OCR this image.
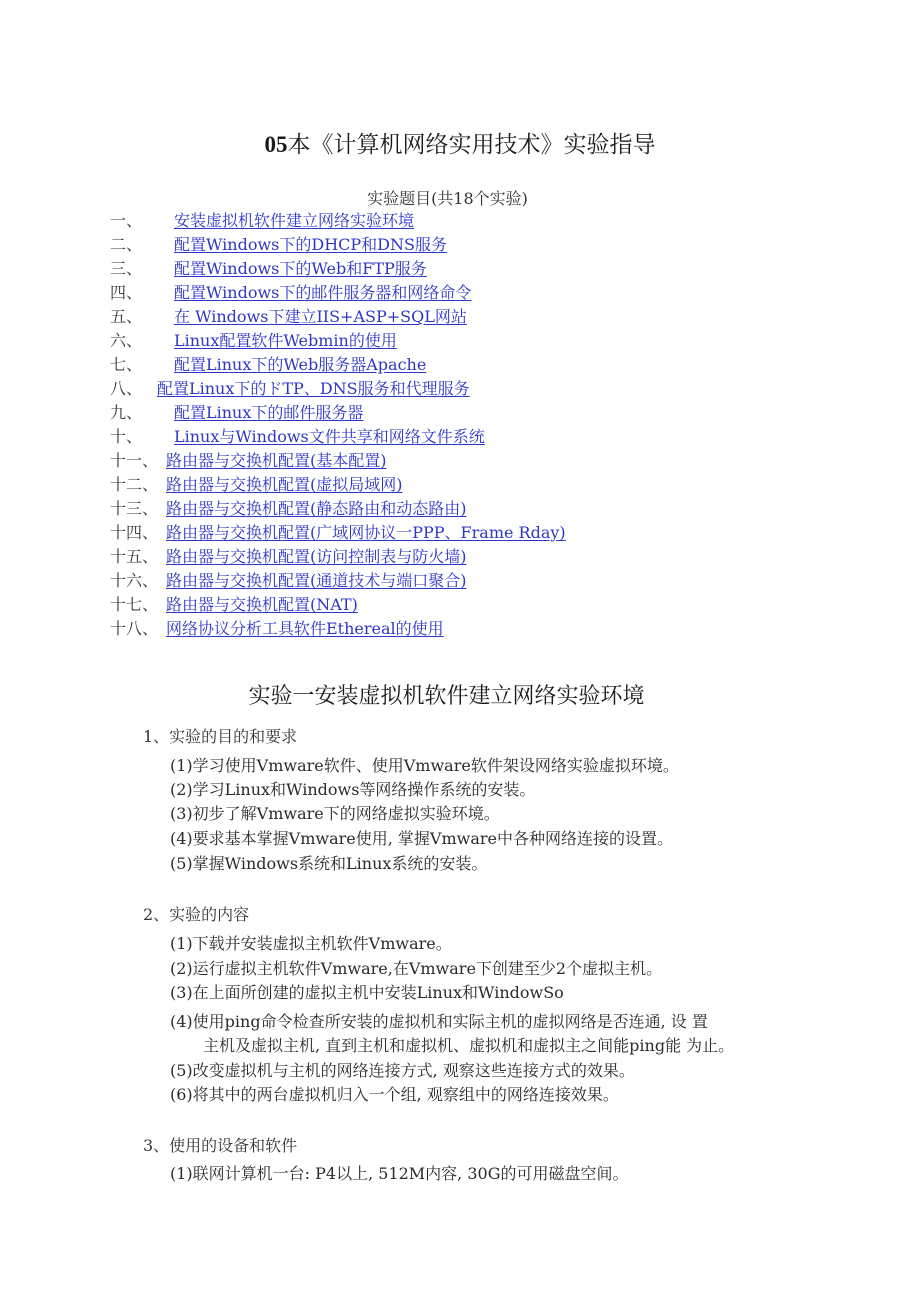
05本《计算机网络实用技术》实验指导
实验题目(共18个实验)
一、 安装虚拟机软件建立网络实验环境
二、 配置Windows下的DHCP和DNS服务
三、 配置Windows下的Web和FTP服务
四、 配置Windows下的邮件服务器和网络命令
五、 在 Windows下建立IIS+ASP+SQL网站
六、 Linux配置软件Webmin的使用
七、 配置Linux下的Web服务器Apache
八、 配置Linux下的ドTP、DNS服务和代理服务
九、 配置Linux下的邮件服务器
十、 Linux与Windows文件共享和网络文件系统
十一、 路由器与交换机配置(基本配置)
十二、 路由器与交换机配置(虚拟局域网)
十三、 路由器与交换机配置(静态路由和动态路由)
十四、 路由器与交换机配置(广域网协议一PPP、Frame Rday)
十五、 路由器与交换机配置(访问控制表与防火墙)
十六、 路由器与交换机配置(通道技术与端口聚合)
十七、 路由器与交换机配置(NAT)
十八、 网络协议分析工具软件Ethereal的使用
实验一安装虚拟机软件建立网络实验环境
1、实验的目的和要求
(1)学习使用Vmware软件、使用Vmware软件架设网络实验虚拟环境。
(2)学习Linux和Windows等网络操作系统的安装。
(3)初步了解Vmware下的网络虚拟实验环境。
(4)要求基本掌握Vmware使用, 掌握Vmware中各种网络连接的设置。
(5)掌握Windows系统和Linux系统的安装。
2、实验的内容
(1)下载并安装虚拟主机软件Vmware。
(2)运行虚拟主机软件Vmware,在Vmware下创建至少2个虚拟主机。
(3)在上面所创建的虚拟主机中安装Linux和WindowSo
(4)使用ping命令检查所安装的虚拟机和实际主机的虚拟网络是否连通, 设 置
主机及虚拟主机, 直到主机和虚拟机、虚拟机和虚拟主之间能ping能 为止。
(5)改变虚拟机与主机的网络连接方式, 观察这些连接方式的效果。
(6)将其中的两台虚拟机归入一个组, 观察组中的网络连接效果。
3、使用的设备和软件
(1)联网计算机一台: P4以上, 512M内容, 30G的可用磁盘空间。
